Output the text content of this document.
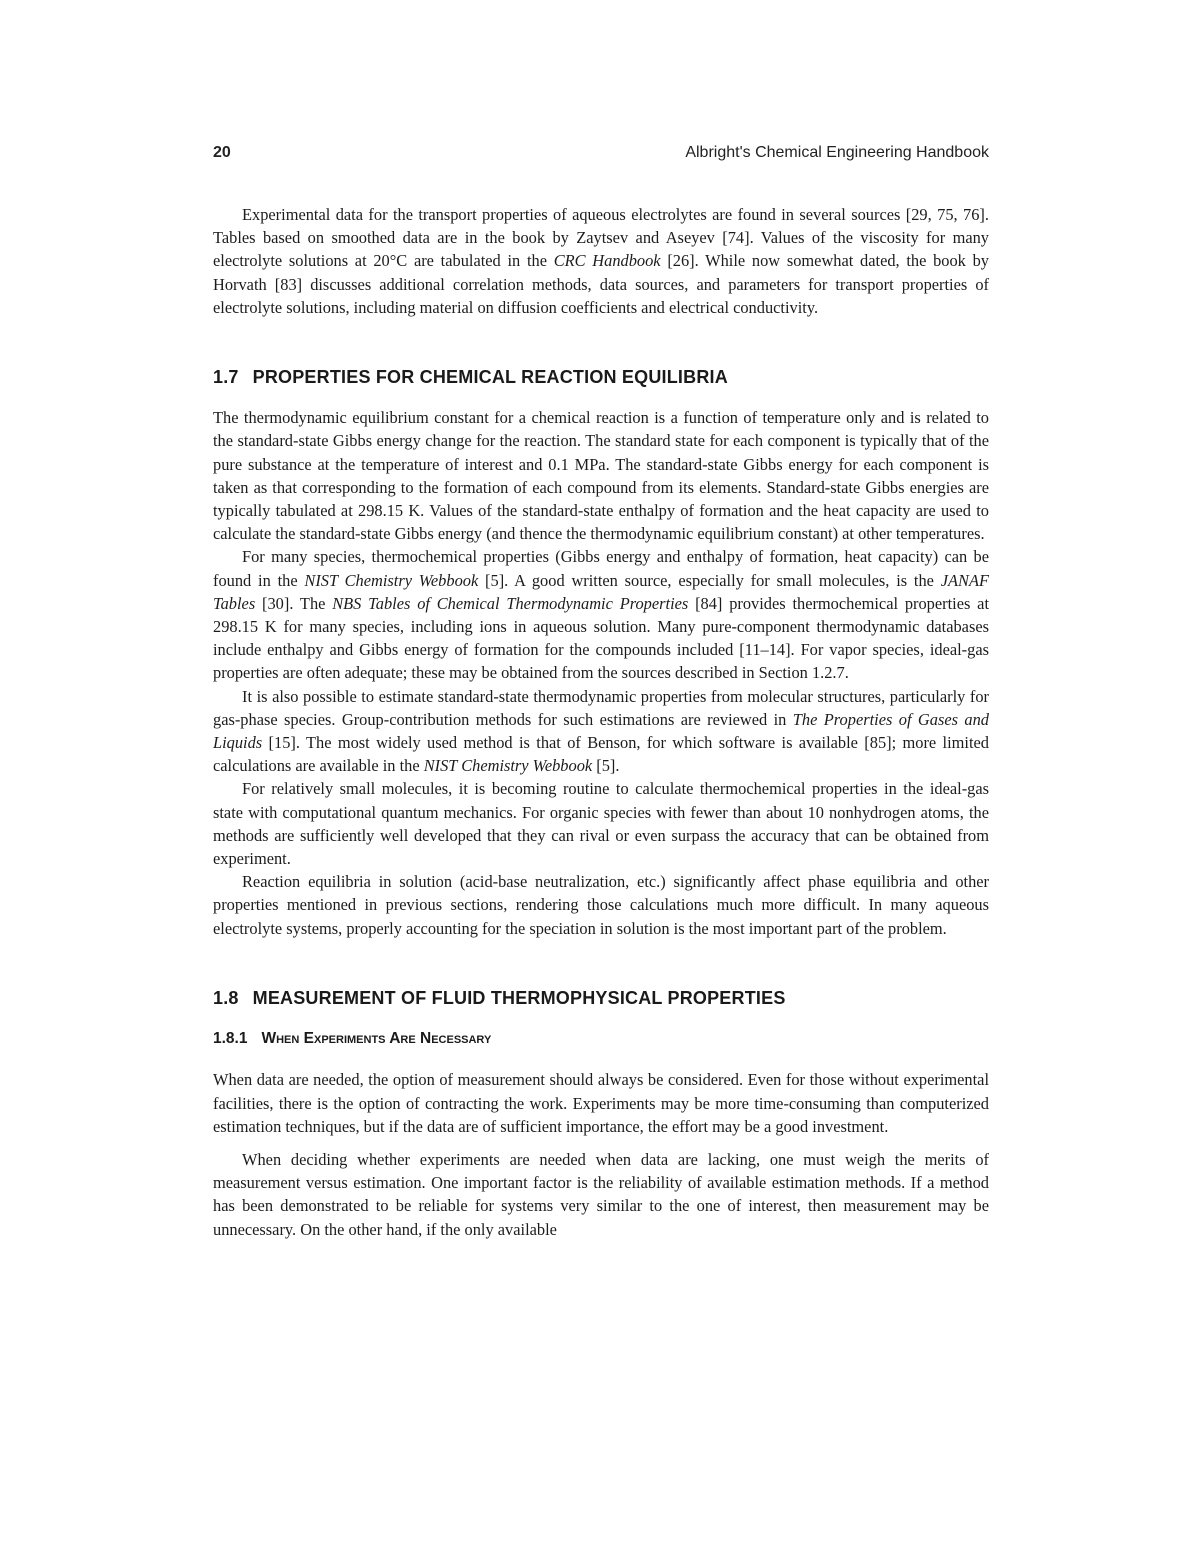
20	Albright's Chemical Engineering Handbook

Experimental data for the transport properties of aqueous electrolytes are found in several sources [29, 75, 76]. Tables based on smoothed data are in the book by Zaytsev and Aseyev [74]. Values of the viscosity for many electrolyte solutions at 20°C are tabulated in the CRC Handbook [26]. While now somewhat dated, the book by Horvath [83] discusses additional correlation methods, data sources, and parameters for transport properties of electrolyte solutions, including material on diffusion coefficients and electrical conductivity.

1.7 PROPERTIES FOR CHEMICAL REACTION EQUILIBRIA

The thermodynamic equilibrium constant for a chemical reaction is a function of temperature only and is related to the standard-state Gibbs energy change for the reaction. The standard state for each component is typically that of the pure substance at the temperature of interest and 0.1 MPa. The standard-state Gibbs energy for each component is taken as that corresponding to the formation of each compound from its elements. Standard-state Gibbs energies are typically tabulated at 298.15 K. Values of the standard-state enthalpy of formation and the heat capacity are used to calculate the standard-state Gibbs energy (and thence the thermodynamic equilibrium constant) at other temperatures.

For many species, thermochemical properties (Gibbs energy and enthalpy of formation, heat capacity) can be found in the NIST Chemistry Webbook [5]. A good written source, especially for small molecules, is the JANAF Tables [30]. The NBS Tables of Chemical Thermodynamic Properties [84] provides thermochemical properties at 298.15 K for many species, including ions in aqueous solution. Many pure-component thermodynamic databases include enthalpy and Gibbs energy of formation for the compounds included [11–14]. For vapor species, ideal-gas properties are often adequate; these may be obtained from the sources described in Section 1.2.7.

It is also possible to estimate standard-state thermodynamic properties from molecular structures, particularly for gas-phase species. Group-contribution methods for such estimations are reviewed in The Properties of Gases and Liquids [15]. The most widely used method is that of Benson, for which software is available [85]; more limited calculations are available in the NIST Chemistry Webbook [5].

For relatively small molecules, it is becoming routine to calculate thermochemical properties in the ideal-gas state with computational quantum mechanics. For organic species with fewer than about 10 nonhydrogen atoms, the methods are sufficiently well developed that they can rival or even surpass the accuracy that can be obtained from experiment.

Reaction equilibria in solution (acid-base neutralization, etc.) significantly affect phase equilibria and other properties mentioned in previous sections, rendering those calculations much more difficult. In many aqueous electrolyte systems, properly accounting for the speciation in solution is the most important part of the problem.

1.8 MEASUREMENT OF FLUID THERMOPHYSICAL PROPERTIES
1.8.1 When Experiments Are Necessary

When data are needed, the option of measurement should always be considered. Even for those without experimental facilities, there is the option of contracting the work. Experiments may be more time-consuming than computerized estimation techniques, but if the data are of sufficient importance, the effort may be a good investment.

When deciding whether experiments are needed when data are lacking, one must weigh the merits of measurement versus estimation. One important factor is the reliability of available estimation methods. If a method has been demonstrated to be reliable for systems very similar to the one of interest, then measurement may be unnecessary. On the other hand, if the only available
